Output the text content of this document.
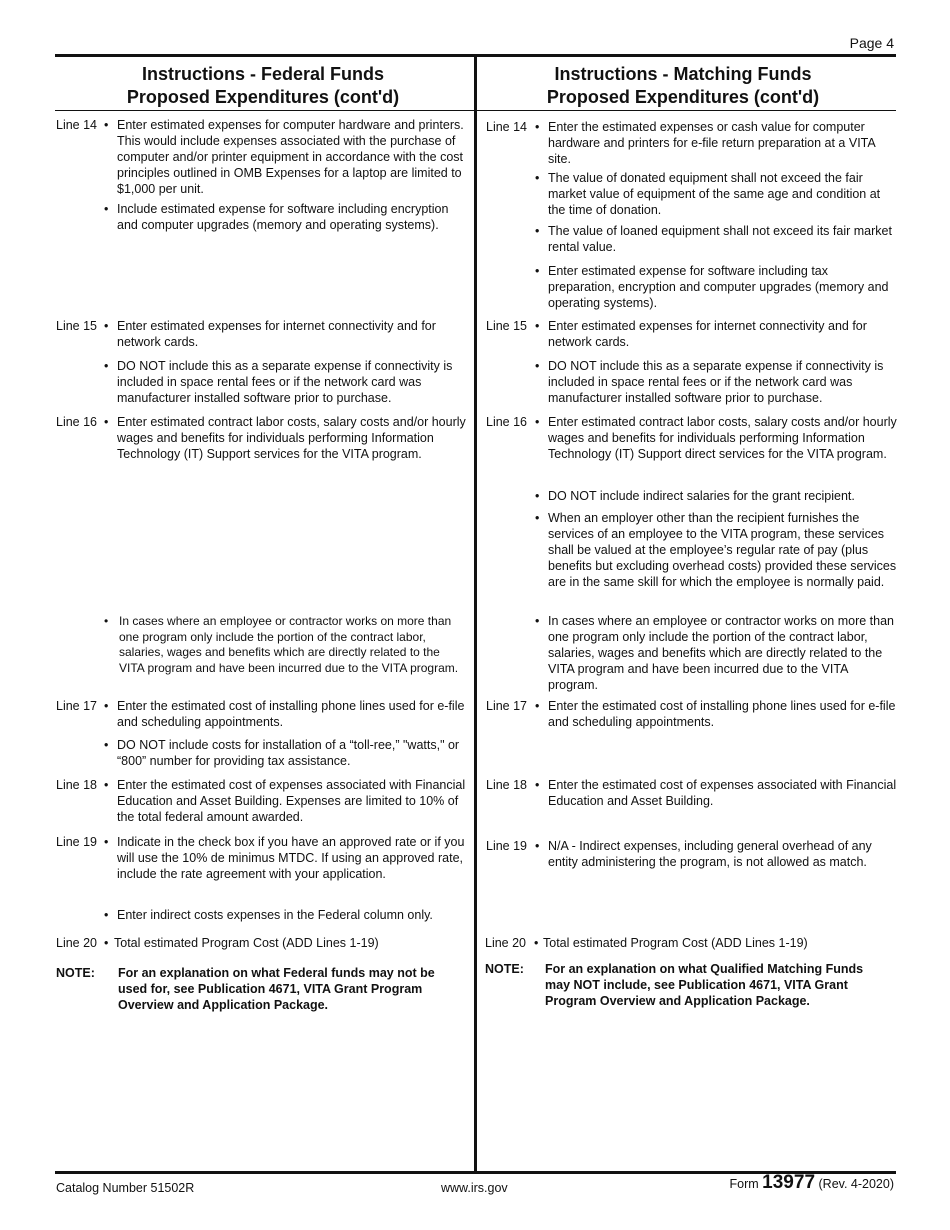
Page 4
Instructions - Federal Funds
Proposed Expenditures (cont'd)
Instructions - Matching Funds
Proposed Expenditures (cont'd)
Line 14 • Enter estimated expenses for computer hardware and printers. This would include expenses associated with the purchase of computer and/or printer equipment in accordance with the cost principles outlined in OMB Expenses for a laptop are limited to $1,000 per unit.
• Include estimated expense for software including encryption and computer upgrades (memory and operating systems).
Line 15 • Enter estimated expenses for internet connectivity and for network cards.
• DO NOT include this as a separate expense if connectivity is included in space rental fees or if the network card was manufacturer installed software prior to purchase.
Line 16 • Enter estimated contract labor costs, salary costs and/or hourly wages and benefits for individuals performing Information Technology (IT) Support services for the VITA program.
• In cases where an employee or contractor works on more than one program only include the portion of the contract labor, salaries, wages and benefits which are directly related to the VITA program and have been incurred due to the VITA program.
Line 17 • Enter the estimated cost of installing phone lines used for e-file and scheduling appointments.
• DO NOT include costs for installation of a “toll-ree,” "watts," or “800” number for providing tax assistance.
Line 18 • Enter the estimated cost of expenses associated with Financial Education and Asset Building. Expenses are limited to 10% of the total federal amount awarded.
Line 19 • Indicate in the check box if you have an approved rate or if you will use the 10% de minimus MTDC. If using an approved rate, include the rate agreement with your application.
• Enter indirect costs expenses in the Federal column only.
Line 20 • Total estimated Program Cost (ADD Lines 1-19)
NOTE: For an explanation on what Federal funds may not be used for, see Publication 4671, VITA Grant Program Overview and Application Package.
Line 14 • Enter the estimated expenses or cash value for computer hardware and printers for e-file return preparation at a VITA site.
• The value of donated equipment shall not exceed the fair market value of equipment of the same age and condition at the time of donation.
• The value of loaned equipment shall not exceed its fair market rental value.
• Enter estimated expense for software including tax preparation, encryption and computer upgrades (memory and operating systems).
Line 15 • Enter estimated expenses for internet connectivity and for network cards.
• DO NOT include this as a separate expense if connectivity is included in space rental fees or if the network card was manufacturer installed software prior to purchase.
Line 16 • Enter estimated contract labor costs, salary costs and/or hourly wages and benefits for individuals performing Information Technology (IT) Support direct services for the VITA program.
• DO NOT include indirect salaries for the grant recipient.
• When an employer other than the recipient furnishes the services of an employee to the VITA program, these services shall be valued at the employee’s regular rate of pay (plus benefits but excluding overhead costs) provided these services are in the same skill for which the employee is normally paid.
• In cases where an employee or contractor works on more than one program only include the portion of the contract labor, salaries, wages and benefits which are directly related to the VITA program and have been incurred due to the VITA program.
Line 17 • Enter the estimated cost of installing phone lines used for e-file and scheduling appointments.
Line 18 • Enter the estimated cost of expenses associated with Financial Education and Asset Building.
Line 19 • N/A - Indirect expenses, including general overhead of any entity administering the program, is not allowed as match.
Line 20 • Total estimated Program Cost (ADD Lines 1-19)
NOTE: For an explanation on what Qualified Matching Funds may NOT include, see Publication 4671, VITA Grant Program Overview and Application Package.
Catalog Number 51502R	www.irs.gov	Form 13977 (Rev. 4-2020)
